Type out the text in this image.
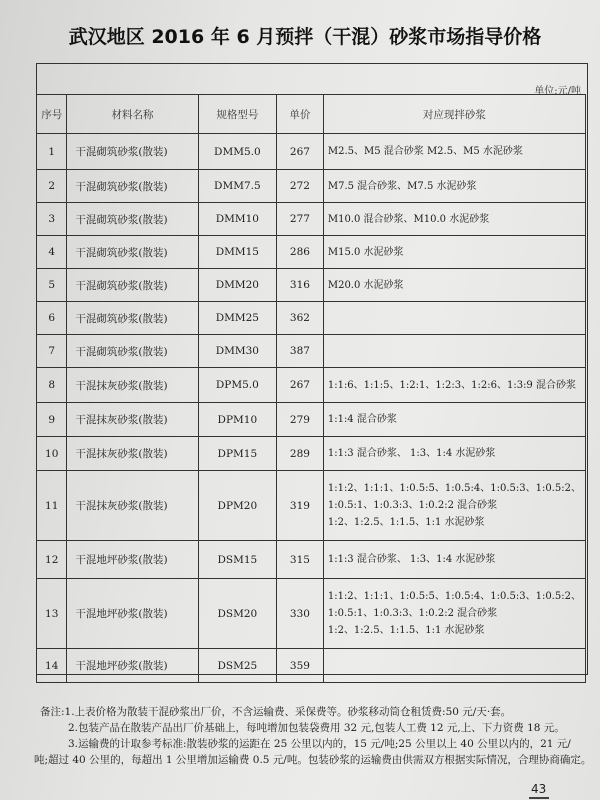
武汉地区 2016 年 6 月预拌（干混）砂浆市场指导价格
单位:元/吨
序号	材料名称	规格型号	单价	对应现拌砂浆
1	干混砌筑砂浆(散装)	DMM5.0	267	M2.5、M5 混合砂浆 M2.5、M5 水泥砂浆

2	干混砌筑砂浆(散装)	DMM7.5	272	M7.5 混合砂浆、M7.5 水泥砂浆

3	干混砌筑砂浆(散装)	DMM10	277	M10.0 混合砂浆、M10.0 水泥砂浆

4	干混砌筑砂浆(散装)	DMM15	286	M15.0 水泥砂浆

5	干混砌筑砂浆(散装)	DMM20	316	M20.0 水泥砂浆

6	干混砌筑砂浆(散装)	DMM25	362	
7	干混砌筑砂浆(散装)	DMM30	387	
8	干混抹灰砂浆(散装)	DPM5.0	267	1:1:6、1:1:5、1:2:1、1:2:3、1:2:6、1:3:9 混合砂浆

9	干混抹灰砂浆(散装)	DPM10	279	1:1:4 混合砂浆

10	干混抹灰砂浆(散装)	DPM15	289	1:1:3 混合砂浆、 1:3、1:4 水泥砂浆

11	干混抹灰砂浆(散装)	DPM20	319	1:1:2、1:1:1、1:0.5:5、1:0.5:4、1:0.5:3、1:0.5:2、
1:0.5:1、1:0.3:3、1:0.2:2 混合砂浆
1:2、1:2.5、1:1.5、1:1 水泥砂浆

12	干混地坪砂浆(散装)	DSM15	315	1:1:3 混合砂浆、 1:3、1:4 水泥砂浆

13	干混地坪砂浆(散装)	DSM20	330	1:1:2、1:1:1、1:0.5:5、1:0.5:4、1:0.5:3、1:0.5:2、
1:0.5:1、1:0.3:3、1:0.2:2 混合砂浆
1:2、1:2.5、1:1.5、1:1 水泥砂浆

14	干混地坪砂浆(散装)	DSM25	359	
备注:1.上表价格为散装干混砂浆出厂价，不含运输费、采保费等。砂浆移动筒仓租赁费:50 元/天·套。
2.包装产品在散装产品出厂价基础上，每吨增加包装袋费用 32 元,包装人工费 12 元,上、下力资费 18 元。
3.运输费的计取参考标准:散装砂浆的运距在 25 公里以内的，15 元/吨;25 公里以上 40 公里以内的，21 元/
吨;超过 40 公里的，每超出 1 公里增加运输费 0.5 元/吨。包装砂浆的运输费由供需双方根据实际情况，合理协商确定。
43
